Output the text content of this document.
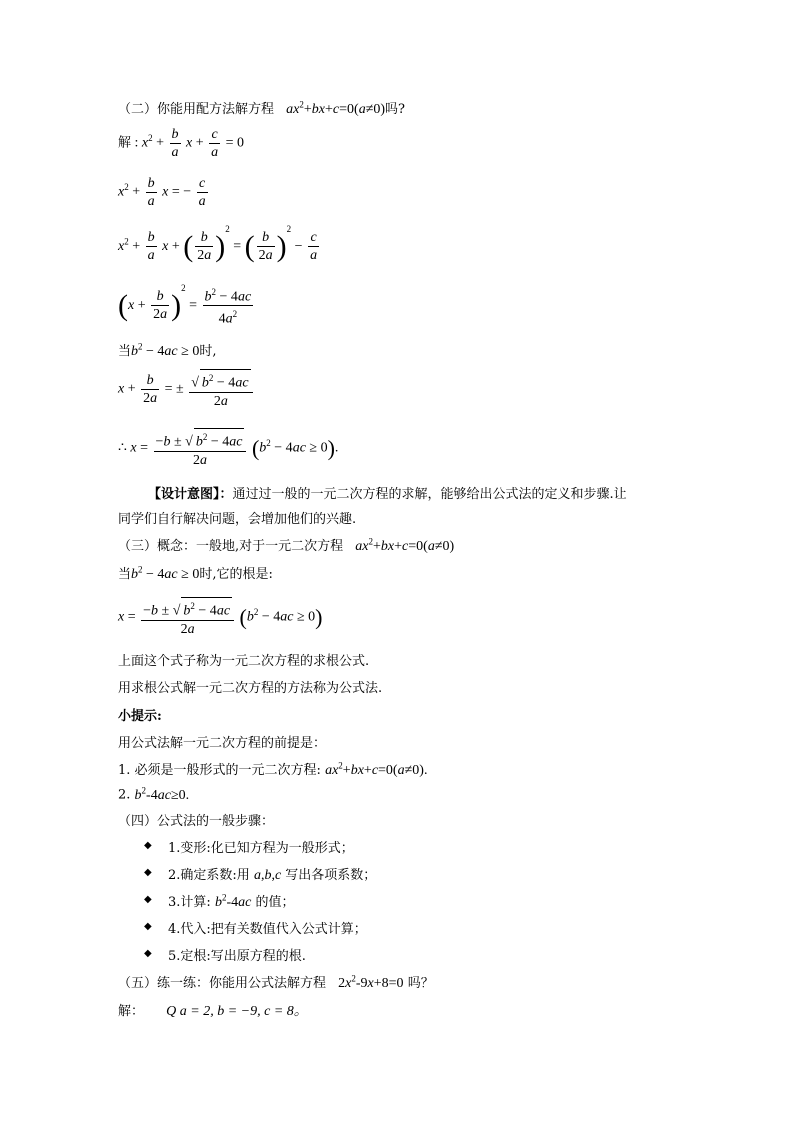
（二）你能用配方法解方程 $ax^2+bx+c=0(a\ne 0)$吗?
解 : $x^2 + \frac{b}{a}$ $x + \frac{c}{a} = 0$
$x^2 + \frac{b}{a}$ x = − $\frac{c}{a}$
$x^2 + \frac{b}{a}$ x + ( $\frac{b}{2a} )^2$ = ( $\frac{b}{2a} )^2 - \frac{c}{a}$
$(x + \frac{b}{2a} )^2 = \frac{b^2 - 4ac}{4a^2}$
当$b^2 - 4ac \ge 0$时,
$x + \frac{b}{2a}$ = ± $\frac{√ b^2 - 4ac}{2a}$
∴ $x = \frac{-b \pm √ b^2 - 4ac}{2a} (b^2 - 4ac \ge 0)$.
【设计意图】：通过过一般的一元二次方程的求解，能够给出公式法的定义和步骤.让
同学们自行解决问题，会增加他们的兴趣.
（三）概念：一般地,对于一元二次方程 $ax^2+bx+c=0(a\ne 0)$
当$b^2 - 4ac \ge 0$时,它的根是:
$x = \frac{-b \pm √ b^2 - 4ac}{2a} (b^2 - 4ac \ge 0)$
上面这个式子称为一元二次方程的求根公式.
用求根公式解一元二次方程的方法称为公式法.
小提示:
用公式法解一元二次方程的前提是：
1. 必须是一般形式的一元二次方程: $ax^2+bx+c=0(a\ne 0)$.
2. $b^2-4ac\ge 0$.
（四）公式法的一般步骤：
◆ 1.变形:化已知方程为一般形式；
◆ 2.确定系数:用 a,b,c 写出各项系数；
◆ 3.计算: $b^2-4ac$ 的值；
◆ 4.代入:把有关数值代入公式计算；
◆ 5.定根:写出原方程的根.
（五）练一练：你能用公式法解方程 $2x^2-9x+8=0$ 吗？
解： Q a = 2, b = −9, c = 8。
